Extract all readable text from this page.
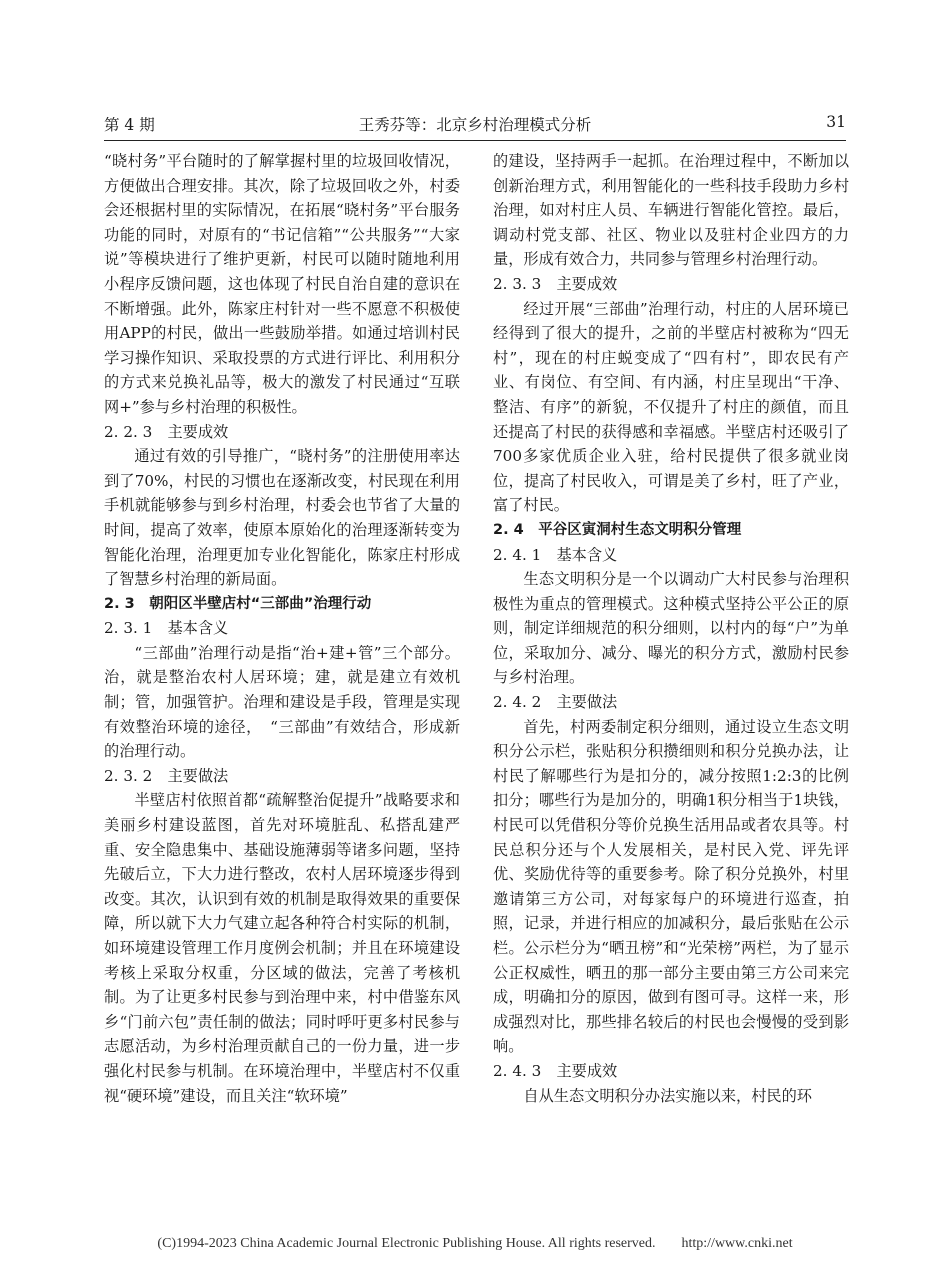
第 4 期	王秀芬等：北京乡村治理模式分析	31

“晓村务”平台随时的了解掌握村里的垃圾回收情况，方便做出合理安排。其次，除了垃圾回收之外，村委会还根据村里的实际情况，在拓展“晓村务”平台服务功能的同时，对原有的“书记信箱”“公共服务”“大家说”等模块进行了维护更新，村民可以随时随地利用小程序反馈问题，这也体现了村民自治自建的意识在不断增强。此外，陈家庄村针对一些不愿意不积极使用APP的村民，做出一些鼓励举措。如通过培训村民学习操作知识、采取投票的方式进行评比、利用积分的方式来兑换礼品等，极大的激发了村民通过“互联网+”参与乡村治理的积极性。

2. 2. 3　主要成效

通过有效的引导推广，“晓村务”的注册使用率达到了70%，村民的习惯也在逐渐改变，村民现在利用手机就能够参与到乡村治理，村委会也节省了大量的时间，提高了效率，使原本原始化的治理逐渐转变为智能化治理，治理更加专业化智能化，陈家庄村形成了智慧乡村治理的新局面。

2. 3　朝阳区半壁店村“三部曲”治理行动

2. 3. 1　基本含义

“三部曲”治理行动是指“治+建+管”三个部分。治，就是整治农村人居环境；建，就是建立有效机制；管，加强管护。治理和建设是手段，管理是实现有效整治环境的途径，　“三部曲”有效结合，形成新的治理行动。

2. 3. 2　主要做法

半壁店村依照首都“疏解整治促提升”战略要求和美丽乡村建设蓝图，首先对环境脏乱、私搭乱建严重、安全隐患集中、基础设施薄弱等诸多问题，坚持先破后立，下大力进行整改，农村人居环境逐步得到改变。其次，认识到有效的机制是取得效果的重要保障，所以就下大力气建立起各种符合村实际的机制，如环境建设管理工作月度例会机制；并且在环境建设考核上采取分权重，分区域的做法，完善了考核机制。为了让更多村民参与到治理中来，村中借鉴东风乡“门前六包”责任制的做法；同时呼吁更多村民参与志愿活动，为乡村治理贡献自己的一份力量，进一步强化村民参与机制。在环境治理中，半壁店村不仅重视“硬环境”建设，而且关注“软环境”

的建设，坚持两手一起抓。在治理过程中，不断加以创新治理方式，利用智能化的一些科技手段助力乡村治理，如对村庄人员、车辆进行智能化管控。最后，调动村党支部、社区、物业以及驻村企业四方的力量，形成有效合力，共同参与管理乡村治理行动。

2. 3. 3　主要成效

经过开展“三部曲”治理行动，村庄的人居环境已经得到了很大的提升，之前的半壁店村被称为“四无村”，现在的村庄蜕变成了“四有村”，即农民有产业、有岗位、有空间、有内涵，村庄呈现出“干净、整洁、有序”的新貌，不仅提升了村庄的颜值，而且还提高了村民的获得感和幸福感。半壁店村还吸引了700多家优质企业入驻，给村民提供了很多就业岗位，提高了村民收入，可谓是美了乡村，旺了产业，富了村民。

2. 4　平谷区寅洞村生态文明积分管理

2. 4. 1　基本含义

生态文明积分是一个以调动广大村民参与治理积极性为重点的管理模式。这种模式坚持公平公正的原则，制定详细规范的积分细则，以村内的每“户”为单位，采取加分、减分、曝光的积分方式，激励村民参与乡村治理。

2. 4. 2　主要做法

首先，村两委制定积分细则，通过设立生态文明积分公示栏，张贴积分积攒细则和积分兑换办法，让村民了解哪些行为是扣分的，减分按照1:2:3的比例扣分；哪些行为是加分的，明确1积分相当于1块钱，村民可以凭借积分等价兑换生活用品或者农具等。村民总积分还与个人发展相关，是村民入党、评先评优、奖励优待等的重要参考。除了积分兑换外，村里邀请第三方公司，对每家每户的环境进行巡查，拍照，记录，并进行相应的加减积分，最后张贴在公示栏。公示栏分为“晒丑榜”和“光荣榜”两栏，为了显示公正权威性，晒丑的那一部分主要由第三方公司来完成，明确扣分的原因，做到有图可寻。这样一来，形成强烈对比，那些排名较后的村民也会慢慢的受到影响。

2. 4. 3　主要成效

自从生态文明积分办法实施以来，村民的环

(C)1994-2023 China Academic Journal Electronic Publishing House. All rights reserved. http://www.cnki.net
